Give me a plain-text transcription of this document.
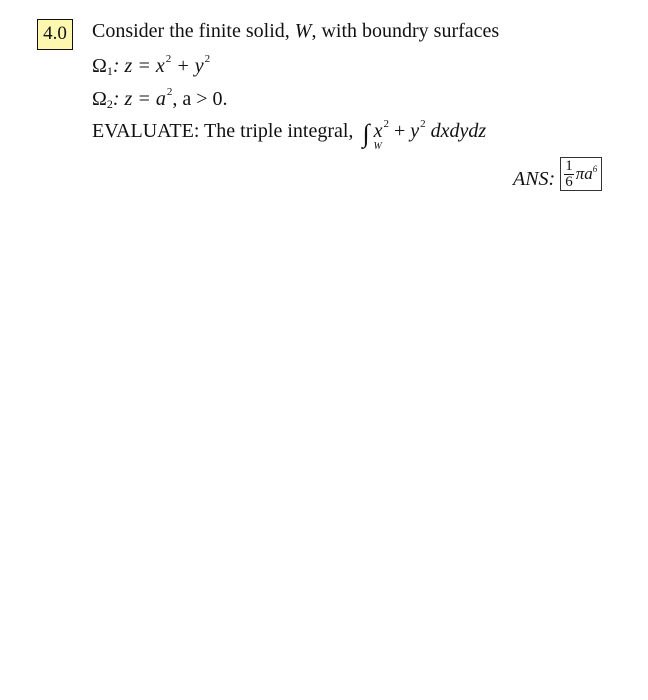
4.0	Consider the finite solid, W, with boundry surfaces
$\Omega_1$: $z = x^2 + y^2$
$\Omega_2$: $z = a^2$, a > 0.
EVALUATE: The triple integral, ∫ W
$x^2 + y^2$ dxdydz
ANS: $\frac{1}{6} \pi a^6$
